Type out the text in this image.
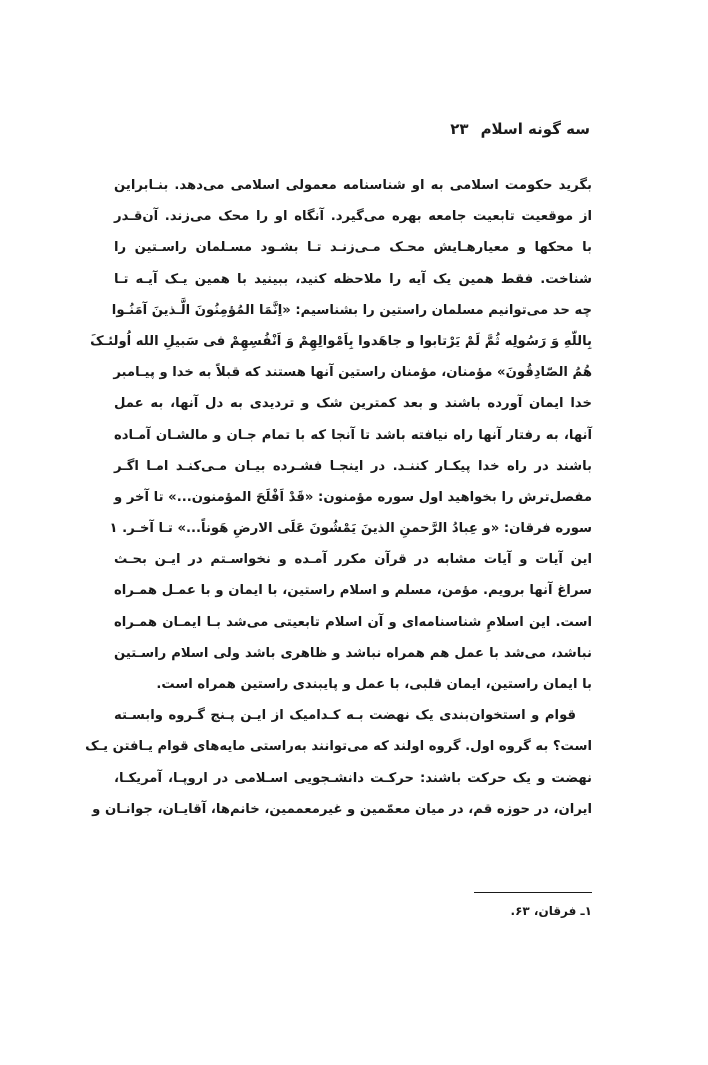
سه گونه اسلام۲۳
بگرید حکومت اسلامی به او شناسنامه معمولی اسلامی می‌دهد. بنـابراین
از موقعیت تابعیت جامعه بهره می‌گیرد. آنگاه او را محک می‌زند. آن‌قـدر
با محکها و معیارهـایش محـک مـی‌زنـد تـا بشـود مسـلمان راسـتین را
شناخت. فقط همین یک آیه را ملاحظه کنید، ببینید با همین یـک آیـه تـا
چه حد می‌توانیم مسلمان راستین را بشناسیم: «اِنَّمَا المُؤمِنُونَ الَّـذینَ آمَنُـوا
بِاللّهِ وَ رَسُولِه ثُمَّ لَمْ یَرْتابوا و جاهَدوا بِاَمْوالِهِمْ وَ اَنْفُسِهِمْ فی سَبیلِ الله اُولئـکَ
هُمُ الصّادِقُونَ» مؤمنان، مؤمنان راستین آنها هستند که قبلاً به خدا و پیـامبر
خدا ایمان آورده باشند و بعد کمترین شک و تردیدی به دل آنها، به عمل
آنها، به رفتار آنها راه نیافته باشد تا آنجا که با تمام جـان و مالشـان آمـاده
باشند در راه خدا پیکـار کننـد. در اینجـا فشـرده بیـان مـی‌کنـد امـا اگـر
مفصل‌ترش را بخواهید اول سوره مؤمنون: «قَدْ اَفْلَحَ المؤمنون...» تا آخر و
سوره فرقان: «و عِبادُ الرَّحمنِ الذینَ یَمْشُونَ عَلَی الارضِ هَوناً...» تـا آخـر. ۱
این آیات و آیات مشابه در قرآن مکرر آمـده و نخواسـتم در ایـن بحـث
سراغ آنها برویم. مؤمن، مسلم و اسلام راستین، با ایمان و با عمـل همـراه
است. این اسلامِ شناسنامه‌ای و آن اسلام تابعیتی می‌شد بـا ایمـان همـراه
نباشد، می‌شد با عمل هم همراه نباشد و ظاهری باشد ولی اسلام راسـتین
با ایمان راستین، ایمان قلبی، با عمل و پایبندی راستین همراه است.
قوام و استخوان‌بندی یک نهضت بـه کـدامیک از ایـن پـنج گـروه وابسـته
است؟ به گروه اول. گروه اولند که می‌توانند به‌راستی مایه‌های قوام یـافتن یـک
نهضت و یک حرکت باشند: حرکـت دانشـجویی اسـلامی در اروپـا، آمریکـا،
ایران، در حوزه قم، در میان معمّمین و غیرمعممین، خانم‌ها، آقایـان، جوانـان و
۱ـ فرقان، ۶۳.
